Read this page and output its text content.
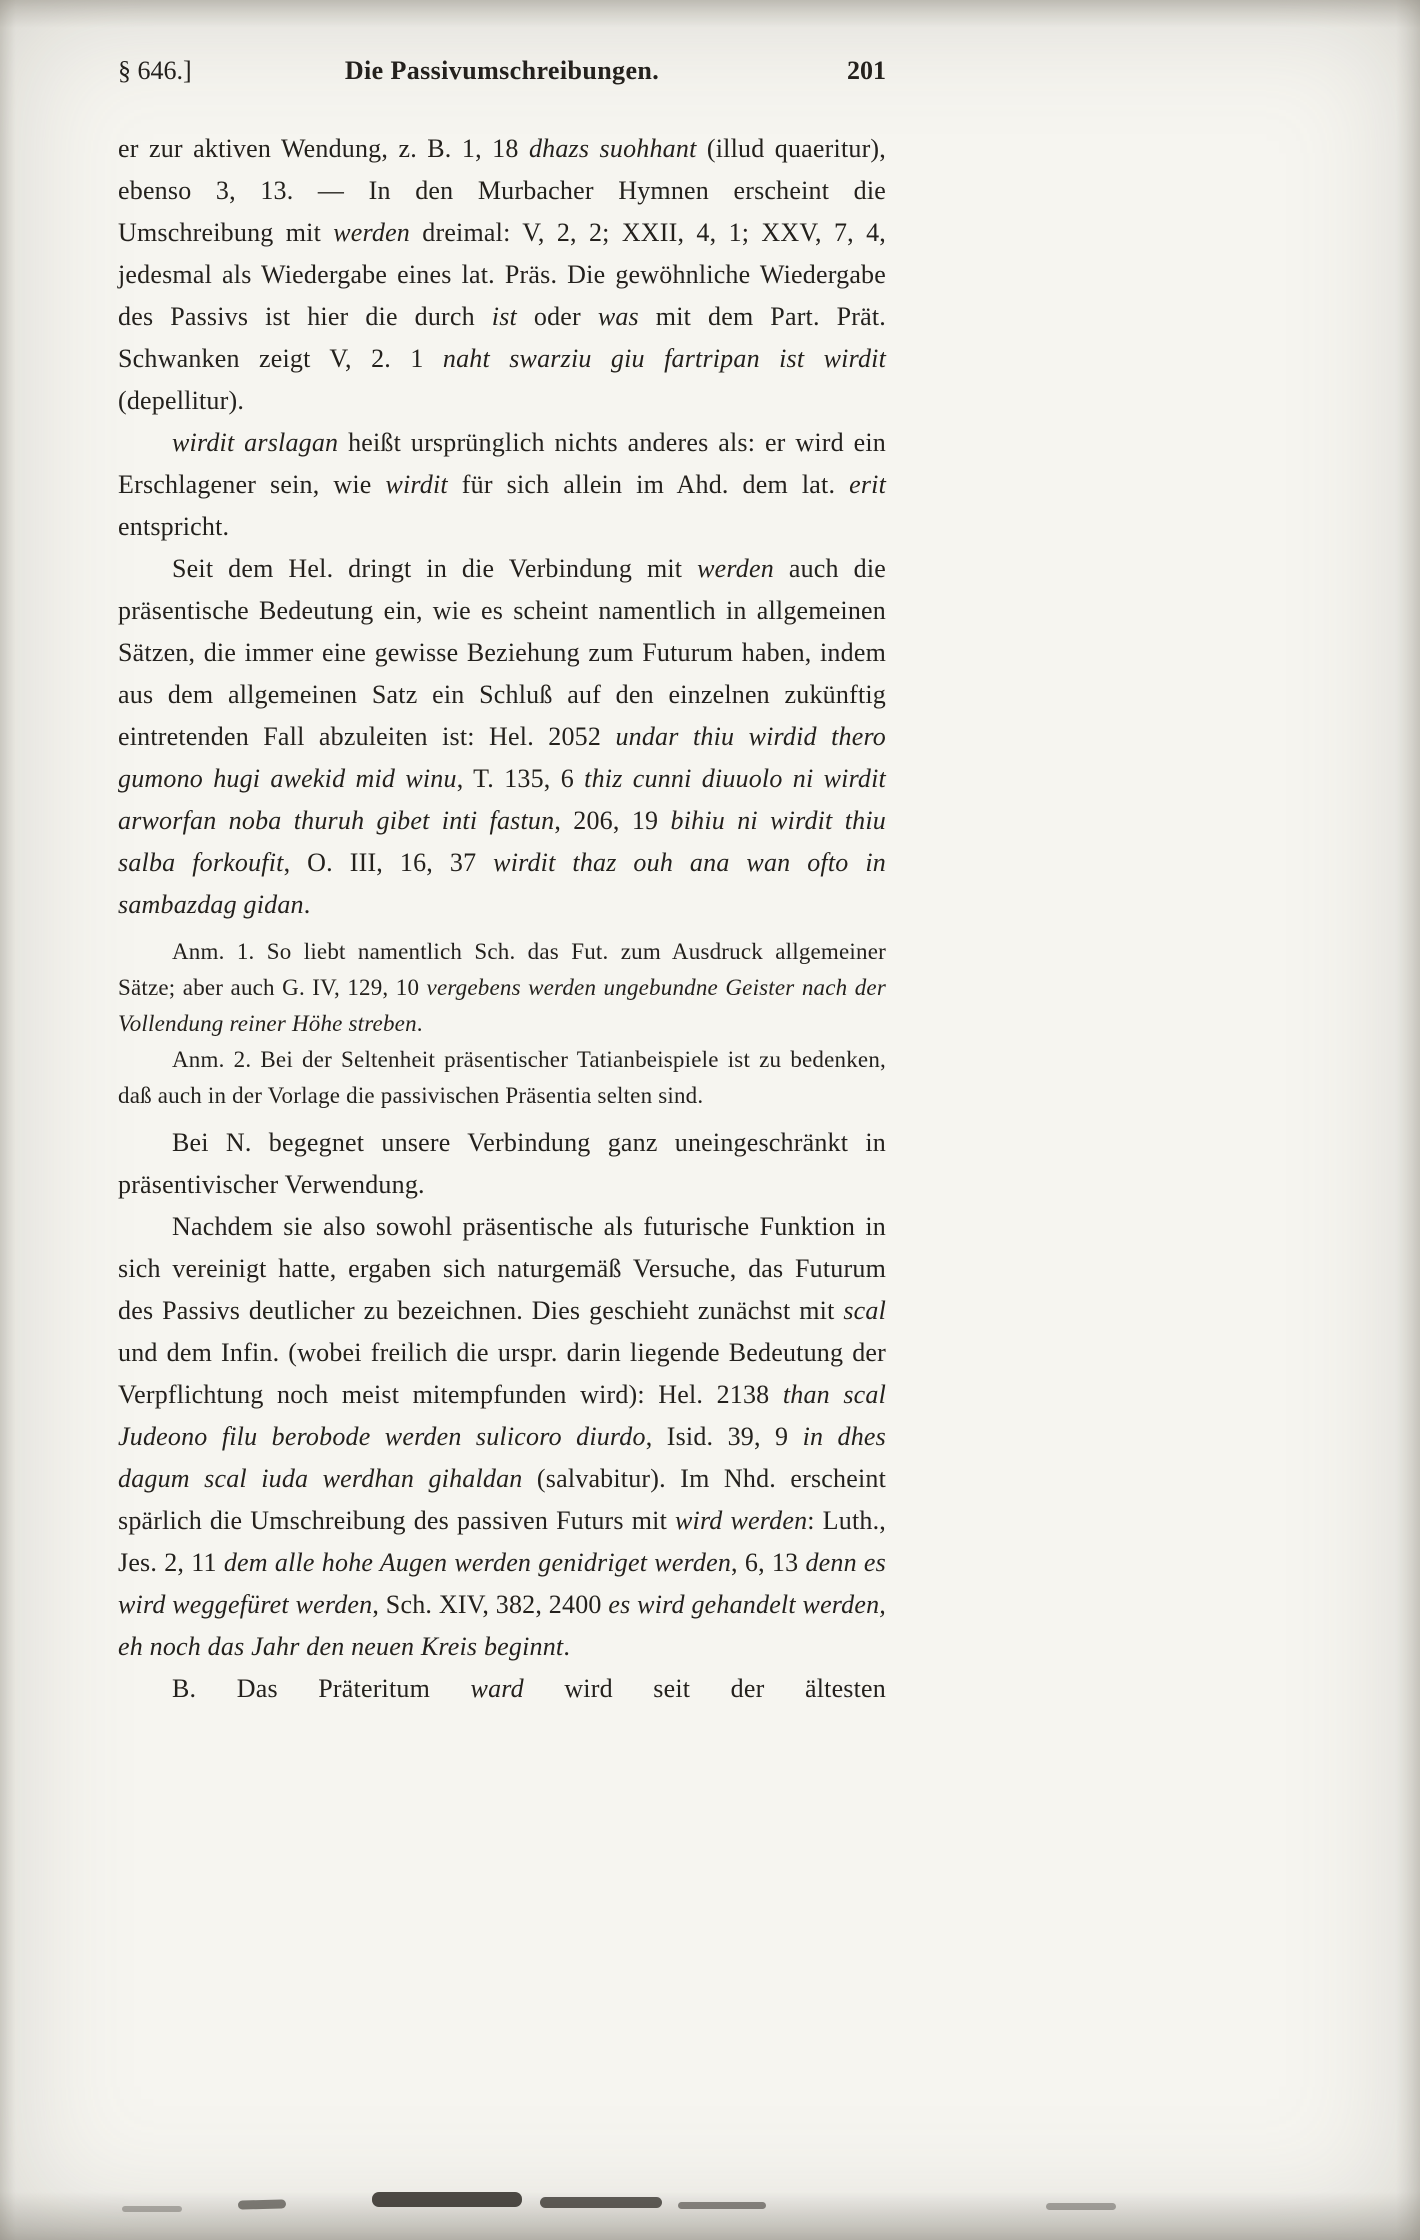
§ 646.]	Die Passivumschreibungen.	201

er zur aktiven Wendung, z. B. 1, 18 dhazs suohhant (illud quaeritur), ebenso 3, 13. — In den Murbacher Hymnen erscheint die Umschreibung mit werden dreimal: V, 2, 2; XXII, 4, 1; XXV, 7, 4, jedesmal als Wiedergabe eines lat. Präs. Die gewöhnliche Wiedergabe des Passivs ist hier die durch ist oder was mit dem Part. Prät. Schwanken zeigt V, 2. 1 naht swarziu giu fartripan ist wirdit (depellitur).

wirdit arslagan heißt ursprünglich nichts anderes als: er wird ein Erschlagener sein, wie wirdit für sich allein im Ahd. dem lat. erit entspricht.

Seit dem Hel. dringt in die Verbindung mit werden auch die präsentische Bedeutung ein, wie es scheint namentlich in allgemeinen Sätzen, die immer eine gewisse Beziehung zum Futurum haben, indem aus dem allgemeinen Satz ein Schluß auf den einzelnen zukünftig eintretenden Fall abzuleiten ist: Hel. 2052 undar thiu wirdid thero gumono hugi awekid mid winu, T. 135, 6 thiz cunni diuuolo ni wirdit arworfan noba thuruh gibet inti fastun, 206, 19 bihiu ni wirdit thiu salba forkoufit, O. III, 16, 37 wirdit thaz ouh ana wan ofto in sambazdag gidan.

Anm. 1. So liebt namentlich Sch. das Fut. zum Ausdruck allgemeiner Sätze; aber auch G. IV, 129, 10 vergebens werden ungebundne Geister nach der Vollendung reiner Höhe streben.

Anm. 2. Bei der Seltenheit präsentischer Tatianbeispiele ist zu bedenken, daß auch in der Vorlage die passivischen Präsentia selten sind.

Bei N. begegnet unsere Verbindung ganz uneingeschränkt in präsentivischer Verwendung.

Nachdem sie also sowohl präsentische als futurische Funktion in sich vereinigt hatte, ergaben sich naturgemäß Versuche, das Futurum des Passivs deutlicher zu bezeichnen. Dies geschieht zunächst mit scal und dem Infin. (wobei freilich die urspr. darin liegende Bedeutung der Verpflichtung noch meist mitempfunden wird): Hel. 2138 than scal Judeono filu berobode werden sulicoro diurdo, Isid. 39, 9 in dhes dagum scal iuda werdhan gihaldan (salvabitur). Im Nhd. erscheint spärlich die Umschreibung des passiven Futurs mit wird werden: Luth., Jes. 2, 11 dem alle hohe Augen werden genidriget werden, 6, 13 denn es wird weggefüret werden, Sch. XIV, 382, 2400 es wird gehandelt werden, eh noch das Jahr den neuen Kreis beginnt.

B. Das Präteritum ward wird seit der ältesten
